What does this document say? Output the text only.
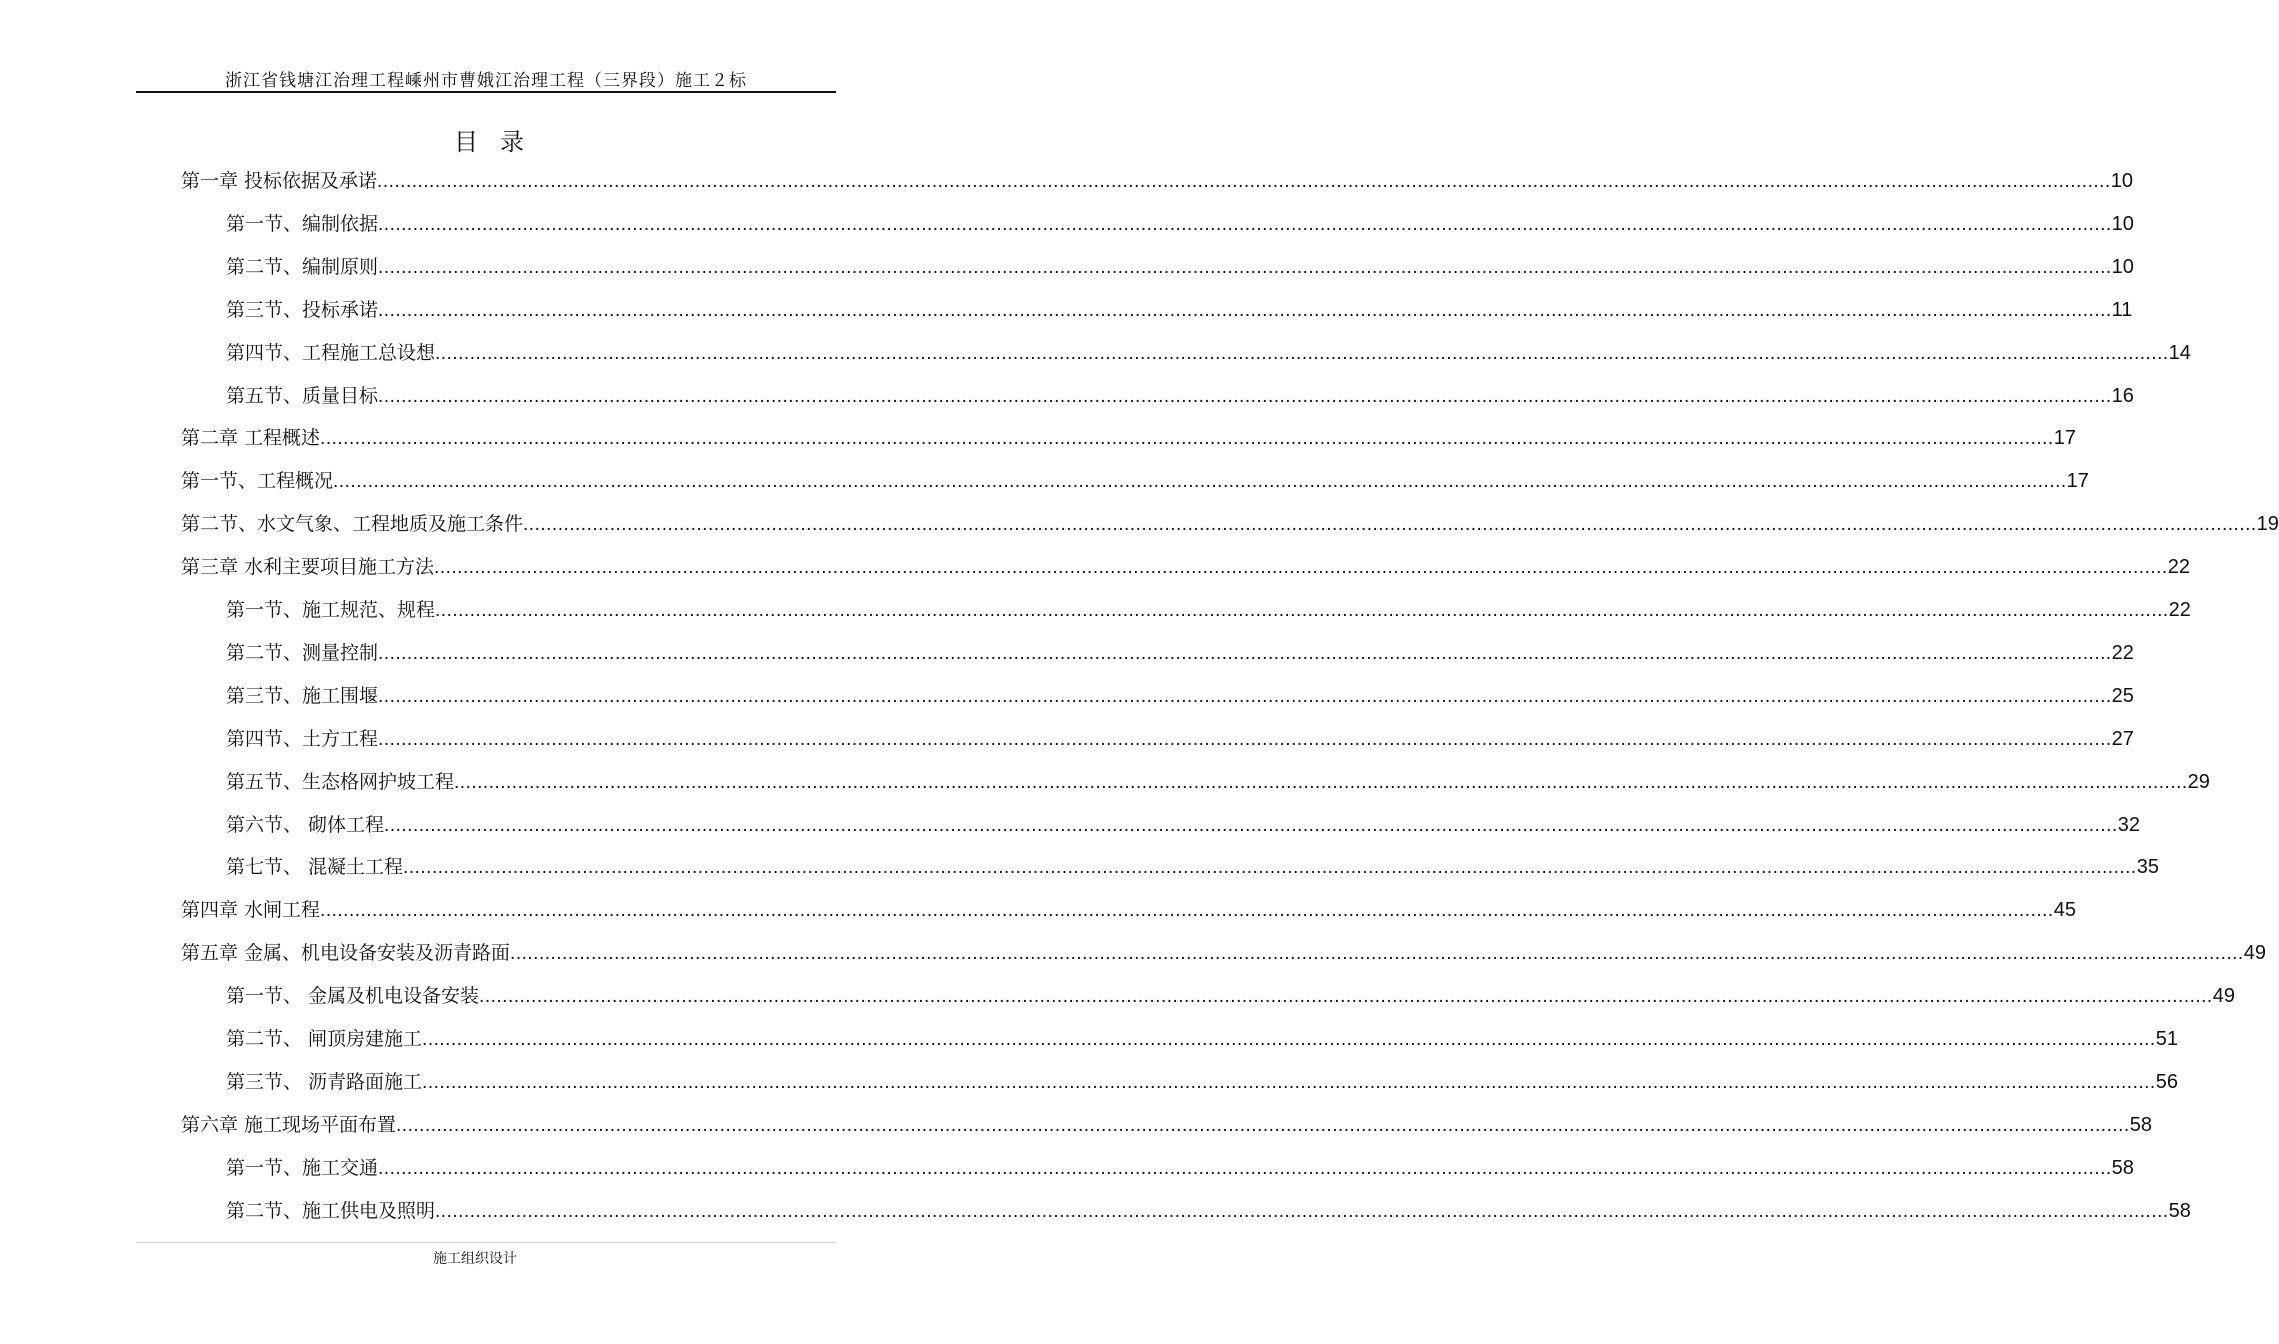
浙江省钱塘江治理工程嵊州市曹娥江治理工程（三界段）施工２标
目录
第一章 投标依据及承诺 ............................................................................................................................................................................................................................................................................................................ 10
第一节、编制依据 ............................................................................................................................................................................................................................................................................................................ 10
第二节、编制原则 ............................................................................................................................................................................................................................................................................................................ 10
第三节、投标承诺 ............................................................................................................................................................................................................................................................................................................ 11
第四节、工程施工总设想 ............................................................................................................................................................................................................................................................................................................ 14
第五节、质量目标 ............................................................................................................................................................................................................................................................................................................ 16
第二章 工程概述 ............................................................................................................................................................................................................................................................................................................ 17
第一节、工程概况 ............................................................................................................................................................................................................................................................................................................ 17
第二节、水文气象、工程地质及施工条件 ............................................................................................................................................................................................................................................................................................................ 19
第三章 水利主要项目施工方法 ............................................................................................................................................................................................................................................................................................................ 22
第一节、施工规范、规程 ............................................................................................................................................................................................................................................................................................................ 22
第二节、测量控制 ............................................................................................................................................................................................................................................................................................................ 22
第三节、施工围堰 ............................................................................................................................................................................................................................................................................................................ 25
第四节、土方工程 ............................................................................................................................................................................................................................................................................................................ 27
第五节、生态格网护坡工程 ............................................................................................................................................................................................................................................................................................................ 29
第六节、 砌体工程 ............................................................................................................................................................................................................................................................................................................ 32
第七节、 混凝土工程 ............................................................................................................................................................................................................................................................................................................ 35
第四章 水闸工程 ............................................................................................................................................................................................................................................................................................................ 45
第五章 金属、机电设备安装及沥青路面 ............................................................................................................................................................................................................................................................................................................ 49
第一节、 金属及机电设备安装 ............................................................................................................................................................................................................................................................................................................ 49
第二节、 闸顶房建施工 ............................................................................................................................................................................................................................................................................................................ 51
第三节、 沥青路面施工 ............................................................................................................................................................................................................................................................................................................ 56
第六章 施工现场平面布置 ............................................................................................................................................................................................................................................................................................................ 58
第一节、施工交通 ............................................................................................................................................................................................................................................................................................................ 58
第二节、施工供电及照明 ............................................................................................................................................................................................................................................................................................................ 58
施工组织设计
